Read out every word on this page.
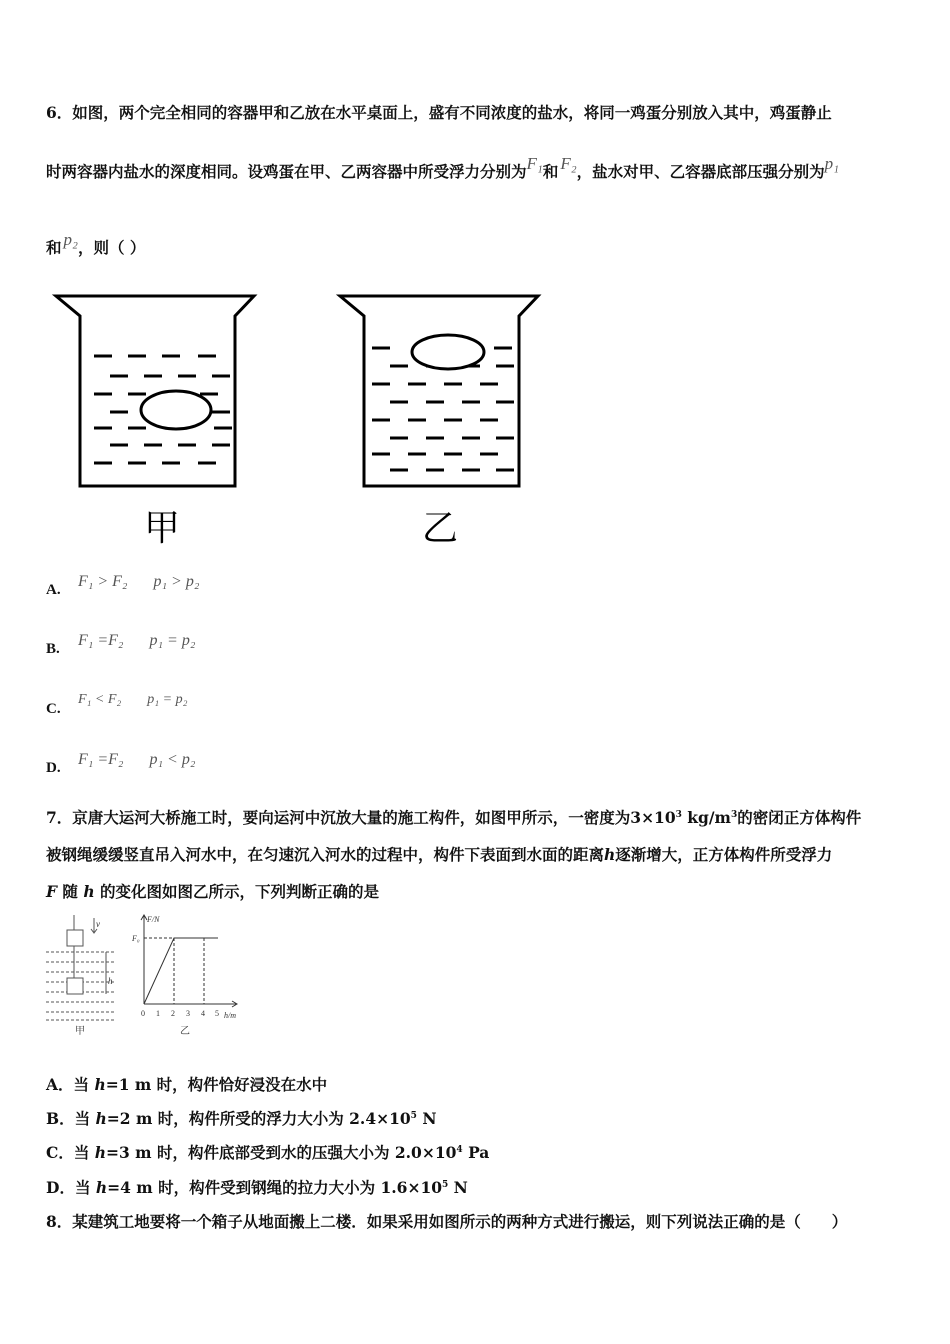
6．如图，两个完全相同的容器甲和乙放在水平桌面上，盛有不同浓度的盐水，将同一鸡蛋分别放入其中，鸡蛋静止
时两容器内盐水的深度相同。设鸡蛋在甲、乙两容器中所受浮力分别为F₁和 F₂，盐水对甲、乙容器底部压强分别为p₁
和 p₂，则（ ）
甲	乙
A. F₁ > F₂ p₁ > p₂
B. F₁ =F₂ p₁ = p₂
C.
F₁ < F₂ p₁ = p₂
D. F₁ =F₂ p₁ < p₂
7．京唐大运河大桥施工时，要向运河中沉放大量的施工构件，如图甲所示，一密度为$3\times 10^3$ $kg/m^3$的密闭正方体构件
被钢绳缓缓竖直吊入河水中，在匀速沉入河水的过程中，构件下表面到水面的距离h逐渐增大，正方体构件所受浮力
F 随 h 的变化图如图乙所示，下列判断正确的是
h
v
甲
F/N
F₀
h/m
0 1 2 3 4 5
乙
A．当 h=1 m 时，构件恰好浸没在水中
B．当 h=2 m 时，构件所受的浮力大小为 $2.4\times 10^5$ N
C．当 h=3 m 时，构件底部受到水的压强大小为 $2.0\times 10^4$ Pa
D．当 h=4 m 时，构件受到钢绳的拉力大小为 $1.6\times 10^5$ N
8．某建筑工地要将一个箱子从地面搬上二楼．如果采用如图所示的两种方式进行搬运，则下列说法正确的是（　　）
